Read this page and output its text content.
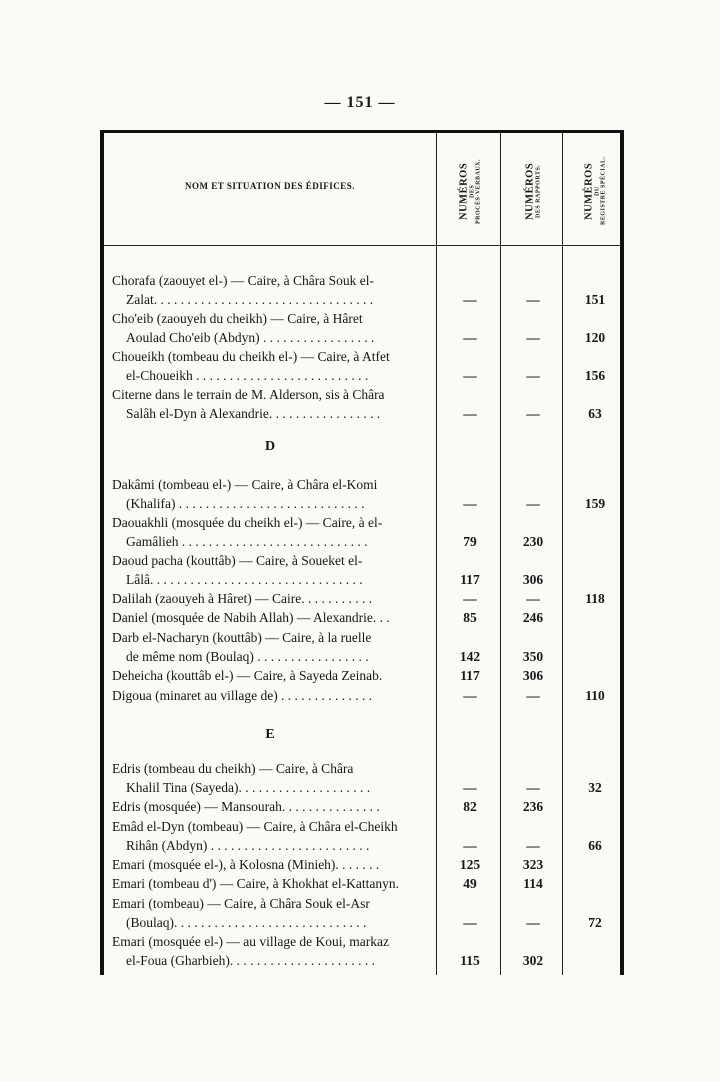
— 151 —
NOM ET SITUATION DES ÉDIFICES.	NUMÉROS DES PROCÈS-VERBAUX.	NUMÉROS DES RAPPORTS.	NUMÉROS DU REGISTRE SPÉCIAL.
Chorafa (zaouyet el-) — Caire, à Châra Souk el-
Zalat. . . . . . . . . . . . . . . . . . . . . . . . . . . . . . . . .	—	—	151
Cho'eib (zaouyeh du cheikh) — Caire, à Hâret
Aoulad Cho'eib (Abdyn) . . . . . . . . . . . . . . . . .	—	—	120
Choueikh (tombeau du cheikh el-) — Caire, à Atfet
el-Choueikh . . . . . . . . . . . . . . . . . . . . . . . . . .	—	—	156
Citerne dans le terrain de M. Alderson, sis à Châra
Salâh el-Dyn à Alexandrie. . . . . . . . . . . . . . . . .	—	—	63
D
Dakâmi (tombeau el-) — Caire, à Châra el-Komi
(Khalifa) . . . . . . . . . . . . . . . . . . . . . . . . . . . .	—	—	159
Daouakhli (mosquée du cheikh el-) — Caire, à el-
Gamâlieh . . . . . . . . . . . . . . . . . . . . . . . . . . . .	79	230
Daoud pacha (kouttâb) — Caire, à Soueket el-
Lâlâ. . . . . . . . . . . . . . . . . . . . . . . . . . . . . . . .	117	306
Dalilah (zaouyeh à Hâret) — Caire. . . . . . . . . . .	—	—	118
Daniel (mosquée de Nabih Allah) — Alexandrie. . .	85	246
Darb el-Nacharyn (kouttâb) — Caire, à la ruelle
de même nom (Boulaq) . . . . . . . . . . . . . . . . .	142	350
Deheicha (kouttâb el-) — Caire, à Sayeda Zeinab.	117	306
Digoua (minaret au village de) . . . . . . . . . . . . . .	—	—	110
E
Edris (tombeau du cheikh) — Caire, à Châra
Khalil Tina (Sayeda). . . . . . . . . . . . . . . . . . . .	—	—	32
Edris (mosquée) — Mansourah. . . . . . . . . . . . . . .	82	236
Emâd el-Dyn (tombeau) — Caire, à Châra el-Cheikh
Rihân (Abdyn) . . . . . . . . . . . . . . . . . . . . . . . .	—	—	66
Emari (mosquée el-), à Kolosna (Minieh). . . . . . .	125	323
Emari (tombeau d') — Caire, à Khokhat el-Kattanyn.	49	114
Emari (tombeau) — Caire, à Châra Souk el-Asr
(Boulaq). . . . . . . . . . . . . . . . . . . . . . . . . . . . .	—	—	72
Emari (mosquée el-) — au village de Koui, markaz
el-Foua (Gharbieh). . . . . . . . . . . . . . . . . . . . . .	115	302
